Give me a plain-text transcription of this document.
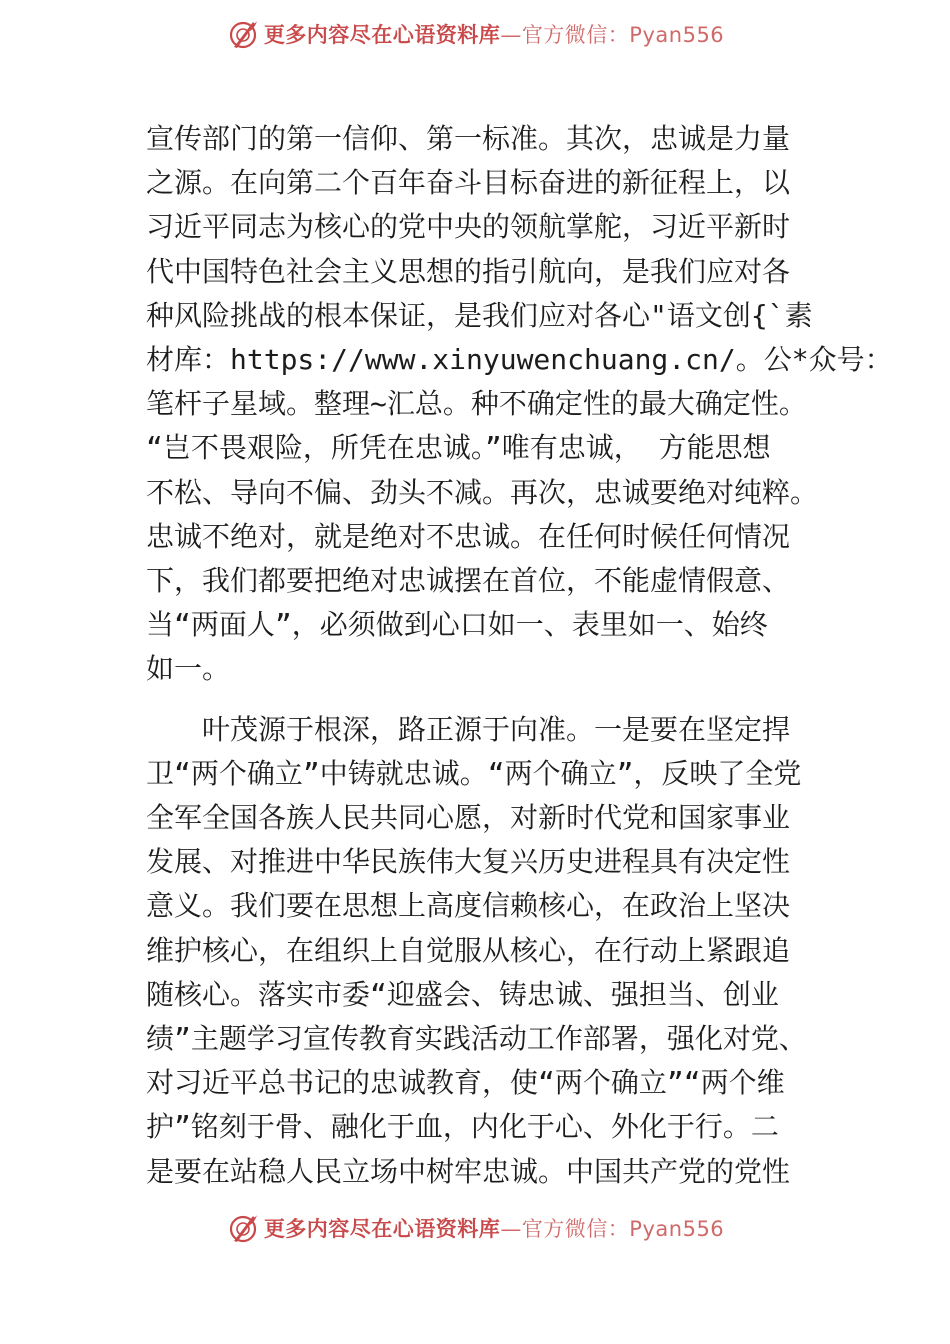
更多内容尽在心语资料库—官方微信：Pyan556

宣传部门的第一信仰、第一标准。其次，忠诚是力量
之源。在向第二个百年奋斗目标奋进的新征程上，以
习近平同志为核心的党中央的领航掌舵，习近平新时
代中国特色社会主义思想的指引航向，是我们应对各
种风险挑战的根本保证，是我们应对各心"语文创{`素
材库：https://www.xinyuwenchuang.cn/。公*众号：
笔杆子星域。整理~汇总。种不确定性的最大确定性。
“岂不畏艰险，所凭在忠诚。”唯有忠诚， 方能思想
不松、导向不偏、劲头不减。再次，忠诚要绝对纯粹。
忠诚不绝对，就是绝对不忠诚。在任何时候任何情况
下，我们都要把绝对忠诚摆在首位，不能虚情假意、
当“两面人”，必须做到心口如一、表里如一、始终
如一。

　　叶茂源于根深，路正源于向准。一是要在坚定捍
卫“两个确立”中铸就忠诚。“两个确立”，反映了全党
全军全国各族人民共同心愿，对新时代党和国家事业
发展、对推进中华民族伟大复兴历史进程具有决定性
意义。我们要在思想上高度信赖核心，在政治上坚决
维护核心，在组织上自觉服从核心，在行动上紧跟追
随核心。落实市委“迎盛会、铸忠诚、强担当、创业
绩”主题学习宣传教育实践活动工作部署，强化对党、
对习近平总书记的忠诚教育，使“两个确立”“两个维
护”铭刻于骨、融化于血，内化于心、外化于行。二
是要在站稳人民立场中树牢忠诚。中国共产党的党性

更多内容尽在心语资料库—官方微信：Pyan556
